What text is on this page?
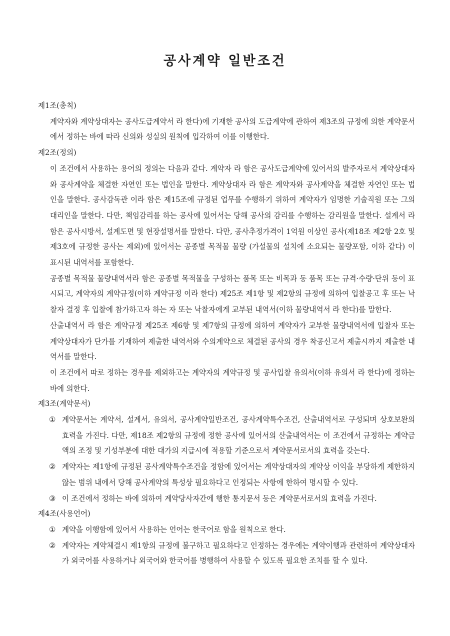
공사계약 일반조건
제1조(총칙)
계약자와 계약상대자는 공사도급계약서 라 한다)에 기재한 공사의 도급계약에 관하여 제3조의 규정에 의한 계약문서에서 정하는 바에 따라 신의와 성실의 원칙에 입각하여 이를 이행한다.
제2조(정의)
이 조건에서 사용하는 용어의 정의는 다음과 같다. 계약자 라 함은 공사도급계약에 있어서의 발주자로서 계약상대자와 공사계약을 체결한 자연인 또는 법인을 말한다. 계약상대자 라 함은 계약자와 공사계약을 체결한 자연인 또는 법인을 말한다. 공사감독관 이라 함은 제15조에 규정된 업무를 수행하기 위하여 계약자가 임명한 기술직원 또는 그의 대리인을 말한다. 다만, 책임감리를 하는 공사에 있어서는 당해 공사의 감리를 수행하는 감리원을 말한다. 설계서 라 함은 공사시방서, 설계도면 및 현장설명서를 말한다. 다만, 공사추정가격이 1억원 이상인 공사(제18조 제2항 2호 및 제3호에 규정한 공사는 제외)에 있어서는 공종별 목적물 물량 (가설물의 설치에 소요되는 물량포함, 이하 같다) 이 표시된 내역서를 포함한다.
공종별 목적물 물량내역서라 함은 공종별 목적물을 구성하는 품목 또는 비목과 동 품목 또는 규격·수량·단위 등이 표시되고, 계약자의 계약규정(이하 계약규정 이라 한다) 제25조 제1항 및 제2항의 규정에 의하여 입찰공고 후 또는 낙찰자 결정 후 입찰에 참가하고자 하는 자 또는 낙찰자에게 교부된 내역서(이하 물량내역서 라 한다)를 말한다.
산출내역서 라 함은 계약규정 제25조 제6항 및 제7항의 규정에 의하여 계약자가 교부한 물량내역서에 입찰자 또는 계약상대자가 단가를 기재하여 제출한 내역서와 수의계약으로 체결된 공사의 경우 착공신고서 제출시까지 제출한 내역서를 말한다.
이 조건에서 따로 정하는 경우를 제외하고는 계약자의 계약규정 및 공사입찰 유의서(이하 유의서 라 한다)에 정하는 바에 의한다.
제3조(계약문서)
① 계약문서는 계약서, 설계서, 유의서, 공사계약일반조건, 공사계약특수조건, 산출내역서로 구성되며 상호보완의 효력을 가진다. 다만, 제18조 제2항의 규정에 정한 공사에 있어서의 산출내역서는 이 조건에서 규정하는 계약금액의 조정 및 기성부분에 대한 대가의 지급시에 적용할 기준으로서 계약문서로서의 효력을 갖는다.
② 계약자는 제1항에 규정된 공사계약특수조건을 정함에 있어서는 계약상대자의 계약상 이익을 부당하게 제한하지 않는 범위 내에서 당해 공사계약의 특성상 필요하다고 인정되는 사항에 한하여 명시할 수 있다.
③ 이 조건에서 정하는 바에 의하여 계약당사자간에 행한 통지문서 등은 계약문서로서의 효력을 가진다.
제4조(사용언어)
① 계약을 이행함에 있어서 사용하는 언어는 한국어로 함을 원칙으로 한다.
② 계약자는 계약체결시 제1항의 규정에 불구하고 필요하다고 인정하는 경우에는 계약이행과 관련하여 계약상대자가 외국어를 사용하거나 외국어와 한국어를 병행하여 사용할 수 있도록 필요한 조치를 할 수 있다.
